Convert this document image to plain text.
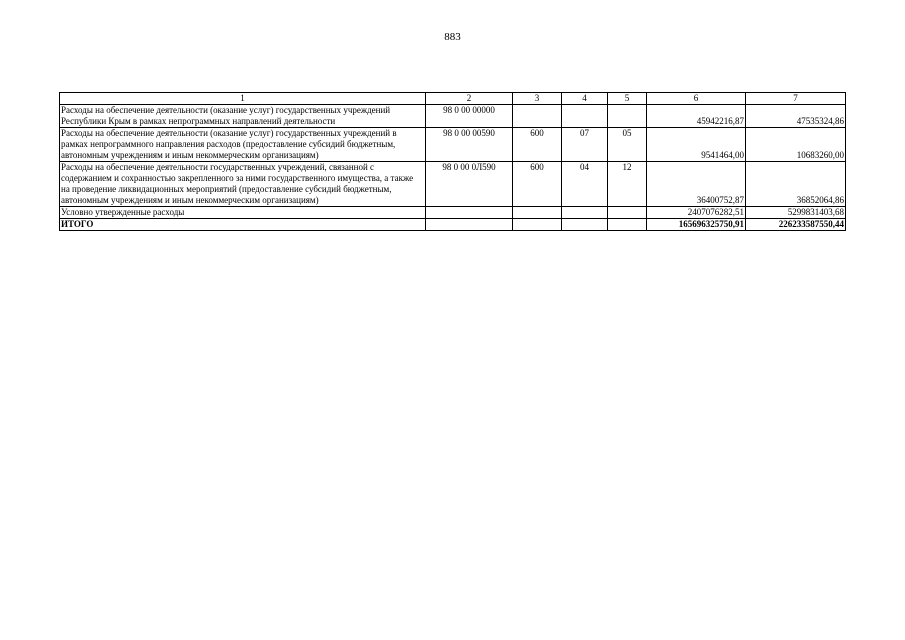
883
1	2	3	4	5	6	7
Расходы на обеспечение деятельности (оказание услуг) государственных учреждений Республики Крым в рамках непрограммных направлений деятельности	98 0 00 00000				45942216,87	47535324,86
Расходы на обеспечение деятельности (оказание услуг) государственных учреждений в рамках непрограммного направления расходов (предоставление субсидий бюджетным, автономным учреждениям и иным некоммерческим организациям)	98 0 00 00590	600	07	05	9541464,00	10683260,00
Расходы на обеспечение деятельности государственных учреждений, связанной с содержанием и сохранностью закрепленного за ними государственного имущества, а также на проведение ликвидационных мероприятий (предоставление субсидий бюджетным, автономным учреждениям и иным некоммерческим организациям)	98 0 00 0Л590	600	04	12	36400752,87	36852064,86
Условно утвержденные расходы					2407076282,51	5299831403,68
ИТОГО					165696325750,91	226233587550,44
